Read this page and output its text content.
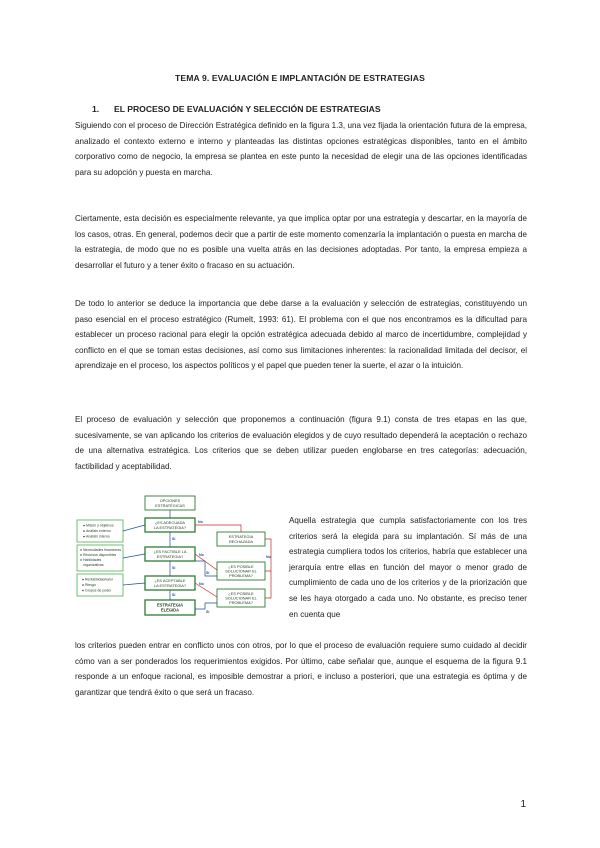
TEMA 9. EVALUACIÓN E IMPLANTACIÓN DE ESTRATEGIAS
1. EL PROCESO DE EVALUACIÓN Y SELECCIÓN DE ESTRATEGIAS

Siguiendo con el proceso de Dirección Estratégica definido en la figura 1.3, una vez fijada la orientación futura de la empresa, analizado el contexto externo e interno y planteadas las distintas opciones estratégicas disponibles, tanto en el ámbito corporativo como de negocio, la empresa se plantea en este punto la necesidad de elegir una de las opciones identificadas para su adopción y puesta en marcha.

Ciertamente, esta decisión es especialmente relevante, ya que implica optar por una estrategia y descartar, en la mayoría de los casos, otras. En general, podemos decir que a partir de este momento comenzaría la implantación o puesta en marcha de la estrategia, de modo que no es posible una vuelta atrás en las decisiones adoptadas. Por tanto, la empresa empieza a desarrollar el futuro y a tener éxito o fracaso en su actuación.

De todo lo anterior se deduce la importancia que debe darse a la evaluación y selección de estrategias, constituyendo un paso esencial en el proceso estratégico (Rumelt, 1993: 61). El problema con el que nos encontramos es la dificultad para establecer un proceso racional para elegir la opción estratégica adecuada debido al marco de incertidumbre, complejidad y conflicto en el que se toman estas decisiones, así como sus limitaciones inherentes: la racionalidad limitada del decisor, el aprendizaje en el proceso, los aspectos políticos y el papel que pueden tener la suerte, el azar o la intuición.

El proceso de evaluación y selección que proponemos a continuación (figura 9.1) consta de tres etapas en las que, sucesivamente, se van aplicando los criterios de evaluación elegidos y de cuyo resultado dependerá la aceptación o rechazo de una alternativa estratégica. Los criterios que se deben utilizar pueden englobarse en tres categorías: adecuación, factibilidad y aceptabilidad.

Misión y objetivos
Análisis externo
Análisis interno
Necesidades financieras
Recursos disponibles
Habilidades
organizativas
Rentabilidad/valor
Riesgo
Grupos de poder
OPCIONES
ESTRATÉGICAS
¿ES ADECUADA
LA ESTRATEGIA?
¿ES FACTIBLE LA
ESTRATEGIA?
¿ES ACEPTABLE
LA ESTRATEGIA?
ESTRATEGIA
ELEGIDA
ESTRATEGIA
RECHAZADA
¿ES POSIBLE
SOLUCIONAR EL
PROBLEMA?
¿ES POSIBLE
SOLUCIONAR EL
PROBLEMA?
Sí
Sí
Sí
No
No
No
No
Sí
Sí

Aquella estrategia que cumpla satisfactoriamente con los tres criterios será la elegida para su implantación. Sí más de una estrategia cumpliera todos los criterios, habría que establecer una jerarquía entre ellas en función del mayor o menor grado de cumplimiento de cada uno de los criterios y de la priorización que se les haya otorgado a cada uno. No obstante, es preciso tener en cuenta que

los criterios pueden entrar en conflicto unos con otros, por lo que el proceso de evaluación requiere sumo cuidado al decidir cómo van a ser ponderados los requerimientos exigidos. Por último, cabe señalar que, aunque el esquema de la figura 9.1 responde a un enfoque racional, es imposible demostrar a priori, e incluso a posteriori, que una estrategia es óptima y de garantizar que tendrá éxito o que será un fracaso.

1
